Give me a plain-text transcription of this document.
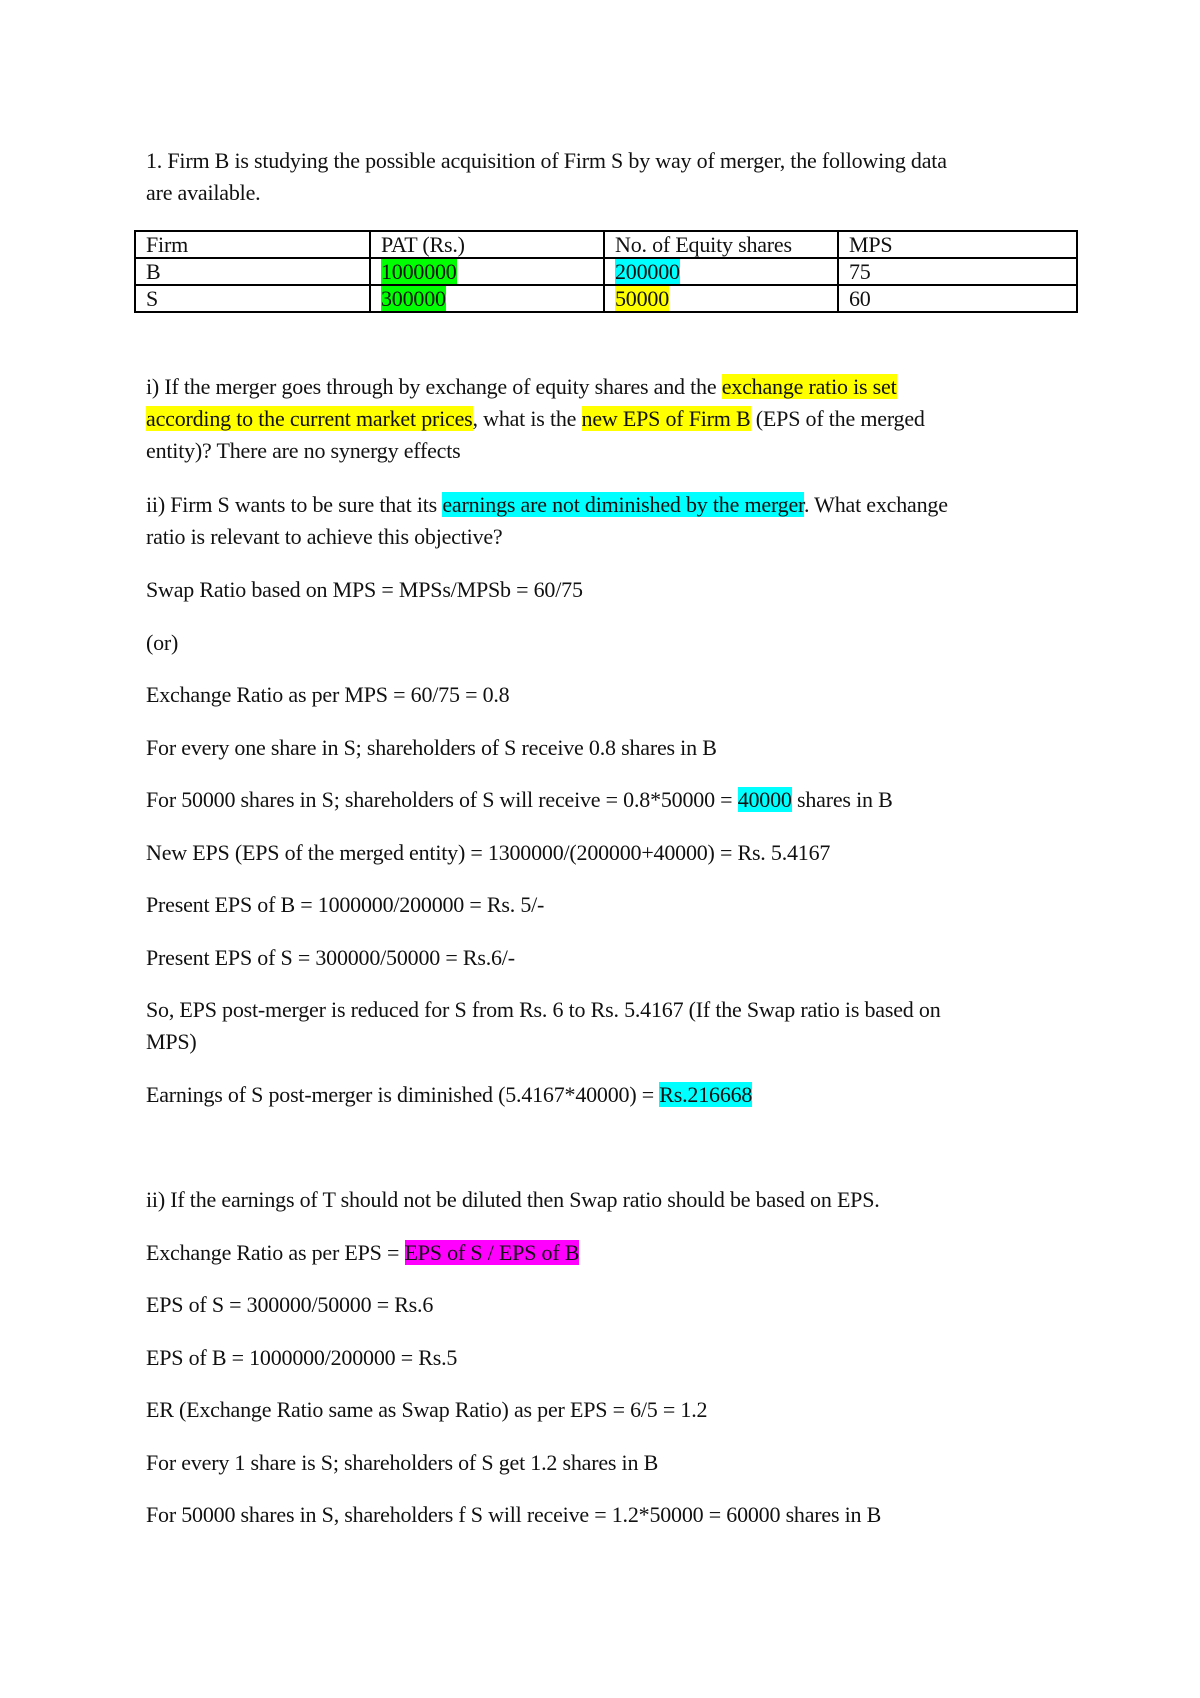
1. Firm B is studying the possible acquisition of Firm S by way of merger, the following data
are available.
Firm	PAT (Rs.)	No. of Equity shares	MPS
B	1000000	200000	75
S	300000	50000	60
i) If the merger goes through by exchange of equity shares and the exchange ratio is set
according to the current market prices, what is the new EPS of Firm B (EPS of the merged
entity)? There are no synergy effects
ii) Firm S wants to be sure that its earnings are not diminished by the merger. What exchange
ratio is relevant to achieve this objective?
Swap Ratio based on MPS = MPSs/MPSb = 60/75
(or)
Exchange Ratio as per MPS = 60/75 = 0.8
For every one share in S; shareholders of S receive 0.8 shares in B
For 50000 shares in S; shareholders of S will receive = 0.8*50000 = 40000 shares in B
New EPS (EPS of the merged entity) = 1300000/(200000+40000) = Rs. 5.4167
Present EPS of B = 1000000/200000 = Rs. 5/-
Present EPS of S = 300000/50000 = Rs.6/-
So, EPS post-merger is reduced for S from Rs. 6 to Rs. 5.4167 (If the Swap ratio is based on
MPS)
Earnings of S post-merger is diminished (5.4167*40000) = Rs.216668
ii) If the earnings of T should not be diluted then Swap ratio should be based on EPS.
Exchange Ratio as per EPS = EPS of S / EPS of B
EPS of S = 300000/50000 = Rs.6
EPS of B = 1000000/200000 = Rs.5
ER (Exchange Ratio same as Swap Ratio) as per EPS = 6/5 = 1.2
For every 1 share is S; shareholders of S get 1.2 shares in B
For 50000 shares in S, shareholders f S will receive = 1.2*50000 = 60000 shares in B
